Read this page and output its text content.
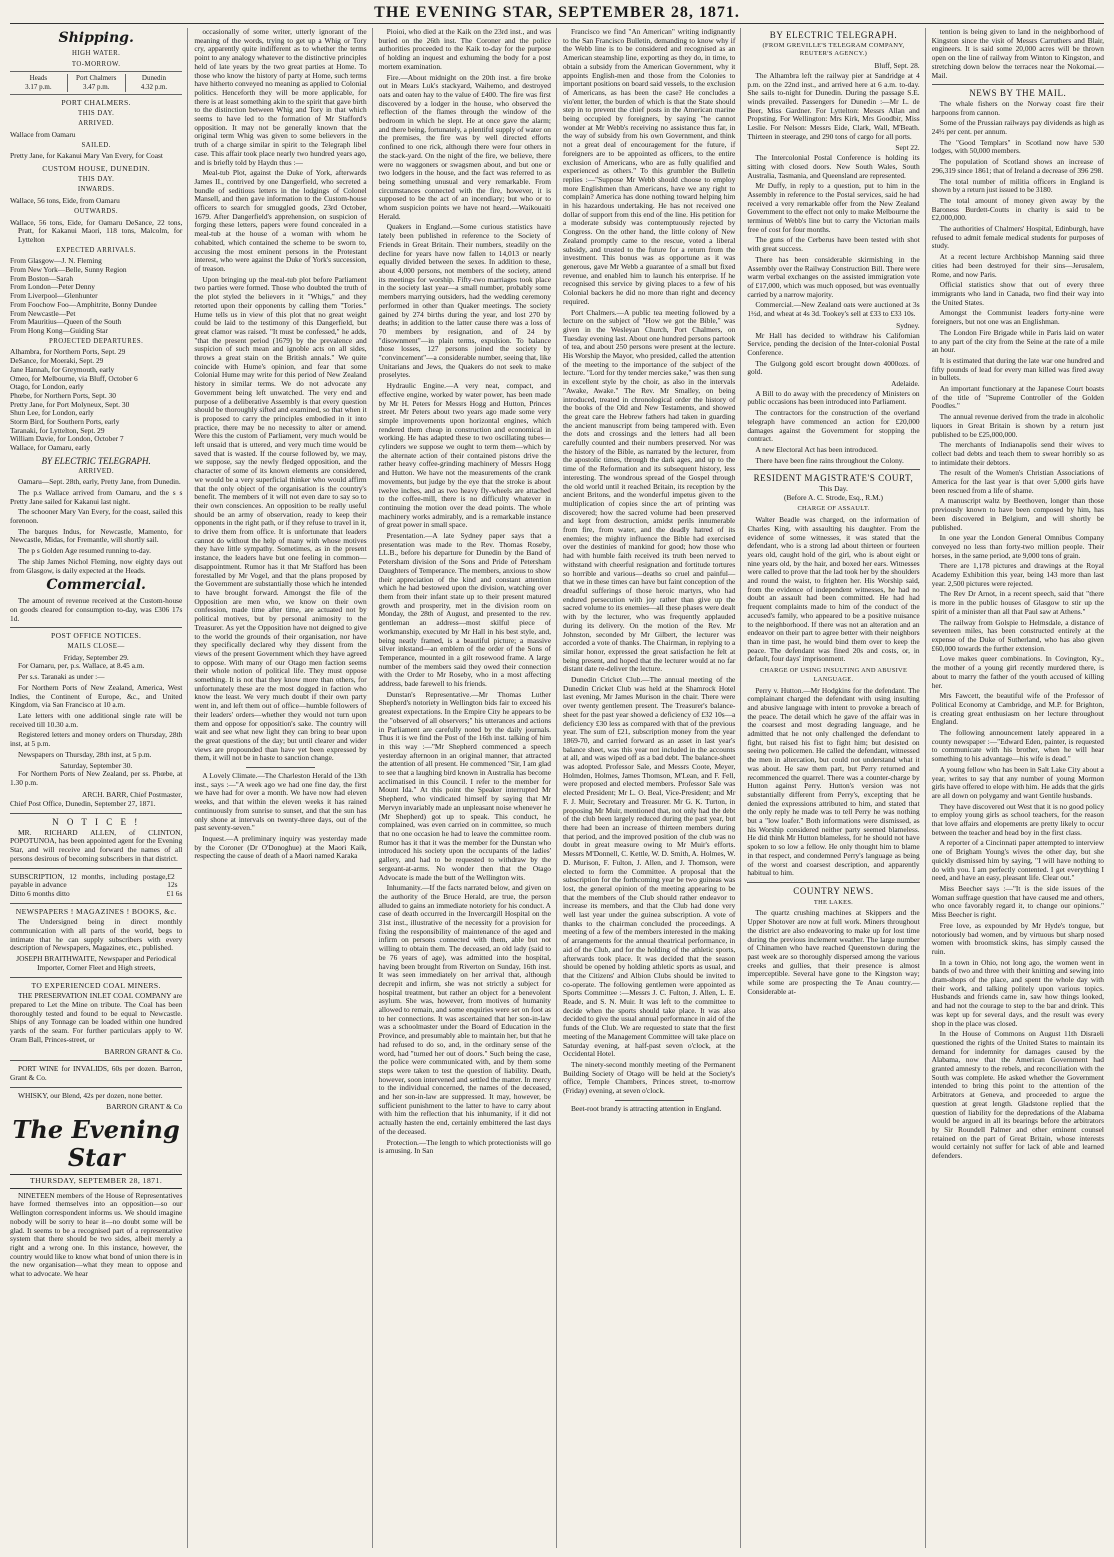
THE EVENING STAR, SEPTEMBER 28, 1871.
Shipping.
HIGH WATER.
TO-MORROW.
Heads
3.17 p.m.
Port Chalmers
3.47 p.m.
Dunedin
4.32 p.m.
PORT CHALMERS.
THIS DAY.
ARRIVED.
Wallace from Oamaru
SAILED.
Pretty Jane, for Kakanui Mary Van Every, for Coast
CUSTOM HOUSE, DUNEDIN.
THIS DAY.
INWARDS.
Wallace, 56 tons, Eide, from Oamaru
OUTWARDS.
Wallace, 56 tons, Eide, for Oamaru DeSance, 22 tons, Pratt, for Kakanui Maori, 118 tons, Malcolm, for Lyttelton
EXPECTED ARRIVALS.
From Glasgow—J. N. Fleming
From New York—Belle, Sunny Region
From Boston—Sarah
From London—Peter Denny
From Liverpool—Glenhunter
From Foochow Foo—Amphitrite, Bonny Dundee
From Newcastle—Pet
From Mauritius—Queen of the South
From Hong Kong—Guiding Star
PROJECTED DEPARTURES.
Alhambra, for Northern Ports, Sept. 29
DeSance, for Moeraki, Sept. 29
Jane Hannah, for Greymouth, early
Omeo, for Melbourne, via Bluff, October 6
Otago, for London, early
Phœbe, for Northern Ports, Sept. 30
Pretty Jane, for Port Molyneux, Sept. 30
Shun Lee, for London, early
Storm Bird, for Southern Ports, early
Taranaki, for Lyttelton, Sept. 29
William Davie, for London, October 7
Wallace, for Oamaru, early
BY ELECTRIC TELEGRAPH.
ARRIVED.

Oamaru—Sept. 28th, early, Pretty Jane, from Dunedin.

The p.s Wallace arrived from Oamaru, and the s s Pretty Jane sailed for Kakanui last night.

The schooner Mary Van Every, for the coast, sailed this forenoon.

The barques Indus, for Newcastle, Mamento, for Newcastle, Midas, for Fremantle, will shortly sail.

The p s Golden Age resumed running to-day.

The ship James Nichol Fleming, now eighty days out from Glasgow, is daily expected at the Heads.

Commercial.

The amount of revenue received at the Custom-house on goods cleared for consumption to-day, was £306 17s 1d.

POST OFFICE NOTICES.
MAILS CLOSE—
Friday, September 29.

For Oamaru, per, p.s. Wallace, at 8.45 a.m.

Per s.s. Taranaki as under :—

For Northern Ports of New Zealand, America, West Indies, the Continent of Europe, &c., and United Kingdom, via San Francisco at 10 a.m.

Late letters with one additional single rate will be received till 10.30 a.m.

Registered letters and money orders on Thursday, 28th inst, at 5 p.m.

Newspapers on Thursday, 28th inst, at 5 p.m.

Saturday, September 30.

For Northern Ports of New Zealand, per ss. Phœbe, at 1.30 p.m.

ARCH. BARR, Chief Postmaster,
Chief Post Office, Dunedin, September 27, 1871.
N O T I C E !

MR. RICHARD ALLEN, of CLINTON, POPOTUNOA, has been appointed agent for the Evening Star, and will receive and forward the names of all persons desirous of becoming subscribers in that district.

SUBSCRIPTION, 12 months, including postage, payable in advance
£2 12s
Ditto 6 months ditto	£1 6s
NEWSPAPERS ! MAGAZINES ! BOOKS, &c.

The Undersigned being in direct monthly communication with all parts of the world, begs to intimate that he can supply subscribers with every description of Newspapers, Magazines, etc., published.

JOSEPH BRAITHWAITE, Newspaper and Periodical Importer, Corner Fleet and High streets,
TO EXPERIENCED COAL MINERS.

THE PRESERVATION INLET COAL COMPANY are prepared to Let the Mine on tribute. The Coal has been thoroughly tested and found to be equal to Newcastle. Ships of any Tonnage can be loaded within one hundred yards of the seam. For further particulars apply to W. Oram Ball, Princes-street, or

BARRON GRANT & Co.

PORT WINE for INVALIDS, 60s per dozen. Barron, Grant & Co.

WHISKY, our Blend, 42s per dozen, none better.

BARRON GRANT & Co
The Evening Star
THURSDAY, SEPTEMBER 28, 1871.

NINETEEN members of the House of Representatives have formed themselves into an opposition—so our Wellington correspondent informs us. We should imagine nobody will be sorry to hear it—no doubt some will be glad. It seems to be a recognised part of a representative system that there should be two sides, albeit merely a right and a wrong one. In this instance, however, the country would like to know what bond of union there is in the new organisation—what they mean to oppose and what to advocate. We hear

occasionally of some writer, utterly ignorant of the meaning of the words, trying to get up a Whig or Tory cry, apparently quite indifferent as to whether the terms point to any analogy whatever to the distinctive principles held of late years by the two great parties at Home. To those who know the history of party at Home, such terms have hitherto conveyed no meaning as applied to Colonial politics. Henceforth they will be more applicable, for there is at least something akin to the spirit that gave birth to the distinction between Whig and Tory in that which seems to have led to the formation of Mr Stafford's opposition. It may not be generally known that the original term Whig was given to some believers in the truth of a charge similar in spirit to the Telegraph libel case. This affair took place nearly two hundred years ago, and is briefly told by Haydn thus :—

Meal-tub Plot, against the Duke of York, afterwards James II., contrived by one Dangerfield, who secreted a bundle of seditious letters in the lodgings of Colonel Mansell, and then gave information to the Custom-house officers to search for smuggled goods, 23rd October, 1679. After Dangerfield's apprehension, on suspicion of forging these letters, papers were found concealed in a meal-tub at the house of a woman with whom he cohabited, which contained the scheme to be sworn to, accusing the most eminent persons in the Protestant interest, who were against the Duke of York's succession, of treason.

Upon bringing up the meal-tub plot before Parliament two parties were formed. Those who doubted the truth of the plot styled the believers in it "Whigs," and they retorted upon their opponents by calling them "Tories." Hume tells us in view of this plot that no great weight could be laid to the testimony of this Dangerfield, but great clamor was raised. "It must be confessed," he adds, "that the present period (1679) by the prevalence and suspicion of such mean and ignoble acts on all sides, throws a great stain on the British annals." We quite coincide with Hume's opinion, and fear that some Colonial Hume may write for this period of New Zealand history in similar terms. We do not advocate any Government being left unwatched. The very end and purpose of a deliberative Assembly is that every question should be thoroughly sifted and examined, so that when it is proposed to carry the principles embodied in it into practice, there may be no necessity to alter or amend. Were this the custom of Parliament, very much would be left unsaid that is uttered, and very much time would be saved that is wasted. If the course followed by, we may, we suppose, say the newly fledged opposition, and the character of some of its known elements are considered, we would be a very superficial thinker who would affirm that the only object of the organisation is the country's benefit. The members of it will not even dare to say so to their own consciences. An opposition to be really useful should be an army of observation, ready to keep their opponents in the right path, or if they refuse to travel in it, to drive them from office. It is unfortunate that leaders cannot do without the help of many with whose motives they have little sympathy. Sometimes, as in the present instance, the leaders have but one feeling in common—disappointment. Rumor has it that Mr Stafford has been forestalled by Mr Vogel, and that the plans proposed by the Government are substantially those which he intended to have brought forward. Amongst the file of the Opposition are men who, we know on their own confession, made time after time, are actuated not by political motives, but by personal animosity to the Treasurer. As yet the Opposition have not deigned to give to the world the grounds of their organisation, nor have they specifically declared why they dissent from the views of the present Government which they have agreed to oppose. With many of our Otago men faction seems their whole notion of political life. They must oppose something. It is not that they know more than others, for unfortunately these are the most dogged in faction who know the least. We very much doubt if their own party went in, and left them out of office—humble followers of their leaders' orders—whether they would not turn upon them and oppose for opposition's sake. The country will wait and see what new light they can bring to bear upon the great questions of the day; but until clearer and wider views are propounded than have yet been expressed by them, it will not be in haste to sanction change.

A Lovely Climate.—The Charleston Herald of the 13th inst., says :—"A week ago we had one fine day, the first we have had for over a month. We have now had eleven weeks, and that within the eleven weeks it has rained continuously from sunrise to sunset, and that the sun has only shone at intervals on twenty-three days, out of the past seventy-seven."

Inquest.—A preliminary inquiry was yesterday made by the Coroner (Dr O'Donoghue) at the Maori Kaik, respecting the cause of death of a Maori named Karaka

Pioioi, who died at the Kaik on the 23rd inst., and was buried on the 26th inst. The Coroner and the police authorities proceeded to the Kaik to-day for the purpose of holding an inquest and exhuming the body for a post mortem examination.

Fire.—About midnight on the 20th inst. a fire broke out in Mears Luk's stackyard, Waihemo, and destroyed oats and oaten hay to the value of £400. The fire was first discovered by a lodger in the house, who observed the reflection of the flames through the window of the bedroom in which he slept. He at once gave the alarm; and there being, fortunately, a plentiful supply of water on the premises, the fire was by well directed efforts confined to one rick, although there were four others in the stack-yard. On the night of the fire, we believe, there were no waggoners or swagsmen about, and but one or two lodgers in the house, and the fact was referred to as being something unusual and very remarkable. From circumstances connected with the fire, however, it is supposed to be the act of an incendiary; but who or to whom suspicion points we have not heard.—Waikouaiti Herald.

Quakers in England.—Some curious statistics have lately been published in reference to the Society of Friends in Great Britain. Their numbers, steadily on the decline for years have now fallen to 14,013 or nearly equally divided between the sexes. In addition to these, about 4,000 persons, not members of the society, attend its meetings for worship. Fifty-two marriages took place in the society last year—a small number, probably some members marrying outsiders, had the wedding ceremony performed in other than Quaker meetings. The society gained by 274 births during the year, and lost 270 by deaths; in addition to the latter cause there was a loss of 70 members by resignation, and of 24 by "disownment"—in plain terms, expulsion. To balance those losses, 127 persons joined the society by "convincement"—a considerable number, seeing that, like Unitarians and Jews, the Quakers do not seek to make proselytes.

Hydraulic Engine.—A very neat, compact, and effective engine, worked by water power, has been made by Mr H. Peters for Messrs Hogg and Hutton, Princes street. Mr Peters about two years ago made some very simple improvements upon horizontal engines, which rendered them cheap in construction and economical in working. He has adapted these to two oscillating tubes—cylinders we suppose we ought to term them—which by the alternate action of their contained pistons drive the rather heavy coffee-grinding machinery of Messrs Hogg and Hutton. We have not the measurements of the crank movements, but judge by the eye that the stroke is about twelve inches, and as two heavy fly-wheels are attached to the coffee-mill, there is no difficulty whatever in continuing the motion over the dead points. The whole machinery works admirably, and is a remarkable instance of great power in small space.

Presentation.—A late Sydney paper says that a presentation was made to the Rev. Thomas Roseby, LL.B., before his departure for Dunedin by the Band of Petersham division of the Sons and Pride of Petersham Daughters of Temperance. The members, anxious to show their appreciation of the kind and constant attention which he had bestowed upon the division, watching over them from their infant state up to their present matured growth and prosperity, met in the division room on Monday, the 28th of August, and presented to the rev. gentleman an address—most skilful piece of workmanship, executed by Mr Hall in his best style, and, being neatly framed, is a beautiful picture; a massive silver inkstand—an emblem of the order of the Sons of Temperance, mounted in a gilt rosewood frame. A large number of the members said they owed their connection with the Order to Mr Roseby, who in a most affecting address, bade farewell to his friends.

Dunstan's Representative.—Mr Thomas Luther Shepherd's notoriety in Wellington bids fair to exceed his greatest expectations. In the Empire City he appears to be the "observed of all observers;" his utterances and actions in Parliament are carefully noted by the daily journals. Thus it is we find the Post of the 16th inst. talking of him in this way :—"Mr Shepherd commenced a speech yesterday afternoon in an original manner, that attracted the attention of all present. He commenced "Sir, I am glad to see that a laughing bird known in Australia has become acclimatised in this Council. I refer to the member for Mount Ida." At this point the Speaker interrupted Mr Shepherd, who vindicated himself by saying that Mr Mervyn invariably made an unpleasant noise whenever he (Mr Shepherd) got up to speak. This conduct, he complained, was even carried on in committee, so much that no one occasion he had to leave the committee room. Rumor has it that it was the member for the Dunstan who introduced his society upon the occupants of the ladies' gallery, and had to be requested to withdraw by the sergeant-at-arms. No wonder then that the Otago Advocate is made the butt of the Wellington wits.

Inhumanity.—If the facts narrated below, and given on the authority of the Bruce Herald, are true, the person alluded to gains an immediate notoriety for his conduct. A case of death occurred in the Invercargill Hospital on the 31st inst., illustrative of the necessity for a provision for fixing the responsibility of maintenance of the aged and infirm on persons connected with them, able but not willing to obtain them. The deceased, an old lady (said to be 76 years of age), was admitted into the hospital, having been brought from Riverton on Sunday, 16th inst. It was seen immediately on her arrival that, although decrepit and infirm, she was not strictly a subject for hospital treatment, but rather an object for a benevolent asylum. She was, however, from motives of humanity allowed to remain, and some enquiries were set on foot as to her connections. It was ascertained that her son-in-law was a schoolmaster under the Board of Education in the Province, and presumably able to maintain her, but that he had refused to do so, and, in the ordinary sense of the word, had "turned her out of doors." Such being the case, the police were communicated with, and by them some steps were taken to test the question of liability. Death, however, soon intervened and settled the matter. In mercy to the individual concerned, the names of the deceased, and her son-in-law are suppressed. It may, however, be sufficient punishment to the latter to have to carry about with him the reflection that his inhumanity, if it did not actually hasten the end, certainly embittered the last days of the deceased.

Protection.—The length to which protectionists will go is amusing. In San

Francisco we find "An American" writing indignantly to the San Francisco Bulletin, demanding to know why if the Webb line is to be considered and recognised as an American steamship line, exporting as they do, in time, to obtain a subsidy from the American Government, why it appoints English-men and those from the Colonies to important positions on board said vessels, to the exclusion of Americans, as has been the case? He concludes a vio'ent letter, the burden of which is that the State should step in to prevent the chief posts in the American marine being occupied by foreigners, by saying "he cannot wonder at Mr Webb's receiving no assistance thus far, in the way of subsidy from his own Government, and think not a great deal of encouragement for the future, if foreigners are to be appointed as officers, to the entire exclusion of Americans, who are as fully qualified and experienced as others." To this grumbler the Bulletin replies :—"Suppose Mr Webb should choose to employ more Englishmen than Americans, have we any right to complain? America has done nothing toward helping him in his hazardous undertaking. He has not received one dollar of support from this end of the line. His petition for a moderate subsidy was contemptuously rejected by Congress. On the other hand, the little colony of New Zealand promptly came to the rescue, voted a liberal subsidy, and trusted to the future for a return from the investment. This bonus was as opportune as it was generous, gave Mr Webb a guarantee of a small but fixed revenue, and enabled him to launch his enterprise. If he recognised this service by giving places to a few of his Colonial backers he did no more than right and decency required.

Port Chalmers.—A public tea meeting followed by a lecture on the subject of "How we got the Bible," was given in the Wesleyan Church, Port Chalmers, on Tuesday evening last. About one hundred persons partook of tea, and about 250 persons were present at the lecture. His Worship the Mayor, who presided, called the attention of the meeting to the importance of the subject of the lecture. "Lord for thy tender mercies sake," was then sung in excellent style by the choir, as also in the intervals "Awake, Awake." The Rev. Mr Smalley, on being introduced, treated in chronological order the history of the books of the Old and New Testaments, and showed the great care the Hebrew fathers had taken in guarding the ancient manuscript from being tampered with. Even the dots and crossings and the letters had all been carefully counted and their numbers preserved. Nor was the history of the Bible, as narrated by the lecturer, from the apostolic times, through the dark ages, and up to the time of the Reformation and its subsequent history, less interesting. The wondrous spread of the Gospel through the old world until it reached Britain, its reception by the ancient Britons, and the wonderful impetus given to the multiplication of copies since the art of printing was discovered; how the sacred volume had been preserved and kept from destruction, amidst perils innumerable from fire, from water, and the deadly hatred of its enemies; the mighty influence the Bible had exercised over the destinies of mankind for good; how those who had with humble faith received its truth been nerved to withstand with cheerful resignation and fortitude tortures so horrible and various—deaths so cruel and painful—that we in these times can have but faint conception of the dreadful sufferings of those heroic martyrs, who had endured persecution with joy rather than give up the sacred volume to its enemies—all these phases were dealt with by the lecturer, who was frequently applauded during its delivery. On the motion of the Rev. Mr Johnston, seconded by Mr Gilbert, the lecturer was accorded a vote of thanks. The Chairman, in replying to a similar honor, expressed the great satisfaction he felt at being present, and hoped that the lecturer would at no far distant date re-deliver the lecture.

Dunedin Cricket Club.—The annual meeting of the Dunedin Cricket Club was held at the Shamrock Hotel last evening, Mr James Murison in the chair. There were over twenty gentlemen present. The Treasurer's balance-sheet for the past year showed a deficiency of £32 10s—a deficiency £30 less as compared with that of the previous year. The sum of £21, subscription money from the year 1869-70, and carried forward as an asset in last year's balance sheet, was this year not included in the accounts at all, and was wiped off as a bad debt. The balance-sheet was adopted. Professor Sale, and Messrs Coote, Meyer, Holmden, Holmes, James Thomson, M'Lean, and F. Fell, were proposed and elected members. Professor Sale was elected President; Mr L. O. Beal, Vice-President; and Mr F. J. Muir, Secretary and Treasurer. Mr G. K. Turton, in proposing Mr Muir, mentioned that, not only had the debt of the club been largely reduced during the past year, but there had been an increase of thirteen members during that period, and the improved position of the club was no doubt in great measure owing to Mr Muir's efforts. Messrs M'Donnell, C. Kettle, W. D. Smith, A. Holmes, W. D. Murison, F. Fulton, J. Allen, and J. Thomson, were elected to form the Committee. A proposal that the subscription for the forthcoming year be two guineas was lost, the general opinion of the meeting appearing to be that the members of the Club should rather endeavor to increase its members, and that the Club had done very well last year under the guinea subscription. A vote of thanks to the chairman concluded the proceedings. A meeting of a few of the members interested in the making of arrangements for the annual theatrical performance, in aid of the Club, and for the holding of the athletic sports, afterwards took place. It was decided that the season should be opened by holding athletic sports as usual, and that the Citizens' and Albion Clubs should be invited to co-operate. The following gentlemen were appointed as Sports Committee :—Messrs J. C. Fulton, J. Allen, L. E. Reade, and S. N. Muir. It was left to the committee to decide when the sports should take place. It was also decided to give the usual annual performance in aid of the funds of the Club. We are requested to state that the first meeting of the Management Committee will take place on Saturday evening, at half-past seven o'clock, at the Occidental Hotel.

The ninety-second monthly meeting of the Permanent Building Society of Otago will be held at the Society's office, Temple Chambers, Princes street, to-morrow (Friday) evening, at seven o'clock.

Beet-root brandy is attracting attention in England.

BY ELECTRIC TELEGRAPH.
(FROM GREVILLE'S TELEGRAM COMPANY, REUTER'S AGENCY.)
Bluff, Sept. 28.

The Alhambra left the railway pier at Sandridge at 4 p.m. on the 22nd inst., and arrived here at 6 a.m. to-day. She sails to-night for Dunedin. During the passage S.E. winds prevailed. Passengers for Dunedin :—Mr L. de Beer, Miss Gardner. For Lyttelton: Messrs Allan and Propsting. For Wellington: Mrs Kirk, Mrs Goodbir, Miss Leslie. For Nelson: Messrs Eide, Clark, Wall, M'Beath. Thirteen in steerage, and 290 tons of cargo for all ports.

Sept 22.

The Intercolonial Postal Conference is holding its sitting with closed doors. New South Wales, South Australia, Tasmania, and Queensland are represented.

Mr Duffy, in reply to a question, put to him in the Assembly in reference to the Postal services, said he had received a very remarkable offer from the New Zealand Government to the effect not only to make Melbourne the terminus of Webb's line but to carry the Victorian mails free of cost for four months.

The guns of the Cerberus have been tested with shot with great success.

There has been considerable skirmishing in the Assembly over the Railway Construction Bill. There were warm verbal exchanges on the assisted immigration vote of £17,000, which was much opposed, but was eventually carried by a narrow majority.

Commercial.—New Zealand oats were auctioned at 3s 1½d, and wheat at 4s 3d. Tookey's sell at £33 to £33 10s.

Sydney.

Mr Hall has decided to withdraw his Californian Service, pending the decision of the Inter-colonial Postal Conference.

The Gulgong gold escort brought down 4000ozs. of gold.

Adelaide.

A Bill to do away with the precedency of Ministers on public occasions has been introduced into Parliament.

The contractors for the construction of the overland telegraph have commenced an action for £20,000 damages against the Government for stopping the contract.

A new Electoral Act has been introduced.

There have been fine rains throughout the Colony.

RESIDENT MAGISTRATE'S COURT,
This Day.
(Before A. C. Strode, Esq., R.M.)
CHARGE OF ASSAULT.

Walter Beadle was charged, on the information of Charles King, with assaulting his daughter. From the evidence of some witnesses, it was stated that the defendant, who is a strong lad about thirteen or fourteen years old, caught hold of the girl, who is about eight or nine years old, by the hair, and boxed her ears. Witnesses were called to prove that the lad took her by the shoulders and round the waist, to frighten her. His Worship said, from the evidence of independent witnesses, he had no doubt an assault had been committed. He had had frequent complaints made to him of the conduct of the accused's family, who appeared to be a positive nuisance to the neighborhood. If there was not an alteration and an endeavor on their part to agree better with their neighbors than in time past, he would bind them over to keep the peace. The defendant was fined 20s and costs, or, in default, four days' imprisonment.

CHARGE OF USING INSULTING AND ABUSIVE LANGUAGE.

Perry v. Hutton.—Mr Hodgkins for the defendant. The complainant charged the defendant with using insulting and abusive language with intent to provoke a breach of the peace. The detail which he gave of the affair was in the coarsest and most degrading language, and he admitted that he not only challenged the defendant to fight, but raised his fist to fight him; but desisted on seeing two policemen. He called the defendant, witnessed the men in altercation, but could not understand what it was about. He saw them part, but Perry returned and recommenced the quarrel. There was a counter-charge by Hutton against Perry. Hutton's version was not substantially different from Perry's, excepting that he denied the expressions attributed to him, and stated that the only reply he made was to tell Perry he was nothing but a "low loafer." Both informations were dismissed, as his Worship considered neither party seemed blameless. He did think Mr Hutton blameless, for he should not have spoken to so low a fellow. He only thought him to blame in that respect, and condemned Perry's language as being of the worst and coarsest description, and apparently habitual to him.

COUNTRY NEWS.
THE LAKES.

The quartz crushing machines at Skippers and the Upper Shotover are now at full work. Miners throughout the district are also endeavoring to make up for lost time during the previous inclement weather. The large number of Chinamen who have reached Queenstown during the past week are so thoroughly dispersed among the various creeks and gullies, that their presence is almost imperceptible. Several have gone to the Kingston way; while some are prospecting the Te Anau country.—Considerable at-

tention is being given to land in the neighborhood of Kingston since the visit of Messrs Carruthers and Blair, engineers. It is said some 20,000 acres will be thrown open on the line of railway from Winton to Kingston, and stretching down below the terraces near the Nokomai.—Mail.

NEWS BY THE MAIL.

The whale fishers on the Norway coast fire their harpoons from cannon.

Some of the Prussian railways pay dividends as high as 24½ per cent. per annum.

The "Good Templars" in Scotland now have 530 lodges, with 50,000 members.

The population of Scotland shows an increase of 296,319 since 1861; that of Ireland a decrease of 396 298.

The total number of militia officers in England is shown by a return just issued to be 3180.

The total amount of money given away by the Baroness Burdett-Coutts in charity is said to be £2,000,000.

The authorities of Chalmers' Hospital, Edinburgh, have refused to admit female medical students for purposes of study.

At a recent lecture Archbishop Manning said three cities had been destroyed for their sins—Jerusalem, Rome, and now Paris.

Official statistics show that out of every three immigrants who land in Canada, two find their way into the United States.

Amongst the Communist leaders forty-nine were foreigners, but not one was an Englishman.

The London Fire Brigade while in Paris laid on water to any part of the city from the Seine at the rate of a mile an hour.

It is estimated that during the late war one hundred and fifty pounds of lead for every man killed was fired away in bullets.

An important functionary at the Japanese Court boasts of the title of "Supreme Controller of the Golden Poodles."

The annual revenue derived from the trade in alcoholic liquors in Great Britain is shown by a return just published to be £25,000,000.

The merchants of Indianapolis send their wives to collect bad debts and teach them to swear horribly so as to intimidate their debtors.

The result of the Women's Christian Associations of America for the last year is that over 5,000 girls have been rescued from a life of shame.

A manuscript waltz by Beethoven, longer than those previously known to have been composed by him, has been discovered in Belgium, and will shortly be published.

In one year the London General Omnibus Company conveyed no less than forty-two million people. Their horses, in the same period, ate 9,000 tons of grain.

There are 1,178 pictures and drawings at the Royal Academy Exhibition this year, being 143 more than last year. 2,500 pictures were rejected.

The Rev Dr Arnot, in a recent speech, said that "there is more in the public houses of Glasgow to stir up the spirit of a minister than all that Paul saw at Athens."

The railway from Golspie to Helmsdale, a distance of seventeen miles, has been constructed entirely at the expense of the Duke of Sutherland, who has also given £60,000 towards the further extension.

Love makes queer combinations. In Covington, Ky., the mother of a young girl recently murdered there, is about to marry the father of the youth accused of killing her.

Mrs Fawcett, the beautiful wife of the Professor of Political Economy at Cambridge, and M.P. for Brighton, is creating great enthusiasm on her lecture throughout England.

The following announcement lately appeared in a county newspaper :—"Edward Eden, painter, is requested to communicate with his brother, when he will hear something to his advantage—his wife is dead."

A young fellow who has been in Salt Lake City about a year, writes to say that any number of young Mormon girls have offered to elope with him. He adds that the girls are all down on polygamy and want Gentile husbands.

They have discovered out West that it is no good policy to employ young girls as school teachers, for the reason that love affairs and elopements are pretty likely to occur between the teacher and head boy in the first class.

A reporter of a Cincinnati paper attempted to interview one of Brigham Young's wives the other day, but she quickly dismissed him by saying, "I will have nothing to do with you. I am perfectly contented. I get everything I need, and have an easy, pleasant life. Clear out."

Miss Beecher says :—"It is the side issues of the Woman suffrage question that have caused me and others, who once favorably regard it, to change our opinions." Miss Beecher is right.

Free love, as expounded by Mr Hyde's tongue, but notoriously bad women, and by virtuous but sharp nosed women with broomstick skins, has simply caused the ruin.

In a town in Ohio, not long ago, the women went in bands of two and three with their knitting and sewing into dram-shops of the place, and spent the whole day with their work, and talking politely upon various topics. Husbands and friends came in, saw how things looked, and had not the courage to step to the bar and drink. This was kept up for several days, and the result was every shop in the place was closed.

In the House of Commons on August 11th Disraeli questioned the rights of the United States to maintain its demand for indemnity for damages caused by the Alabama, now that the American Government had granted amnesty to the rebels, and reconciliation with the South was complete. He asked whether the Government intended to bring this point to the attention of the Arbitrators at Geneva, and proceeded to argue the question at great length. Gladstone replied that the question of liability for the depredations of the Alabama would be argued in all its bearings before the arbitrators by Sir Roundell Palmer and other eminent counsel retained on the part of Great Britain, whose interests would certainly not suffer for lack of able and learned defenders.
